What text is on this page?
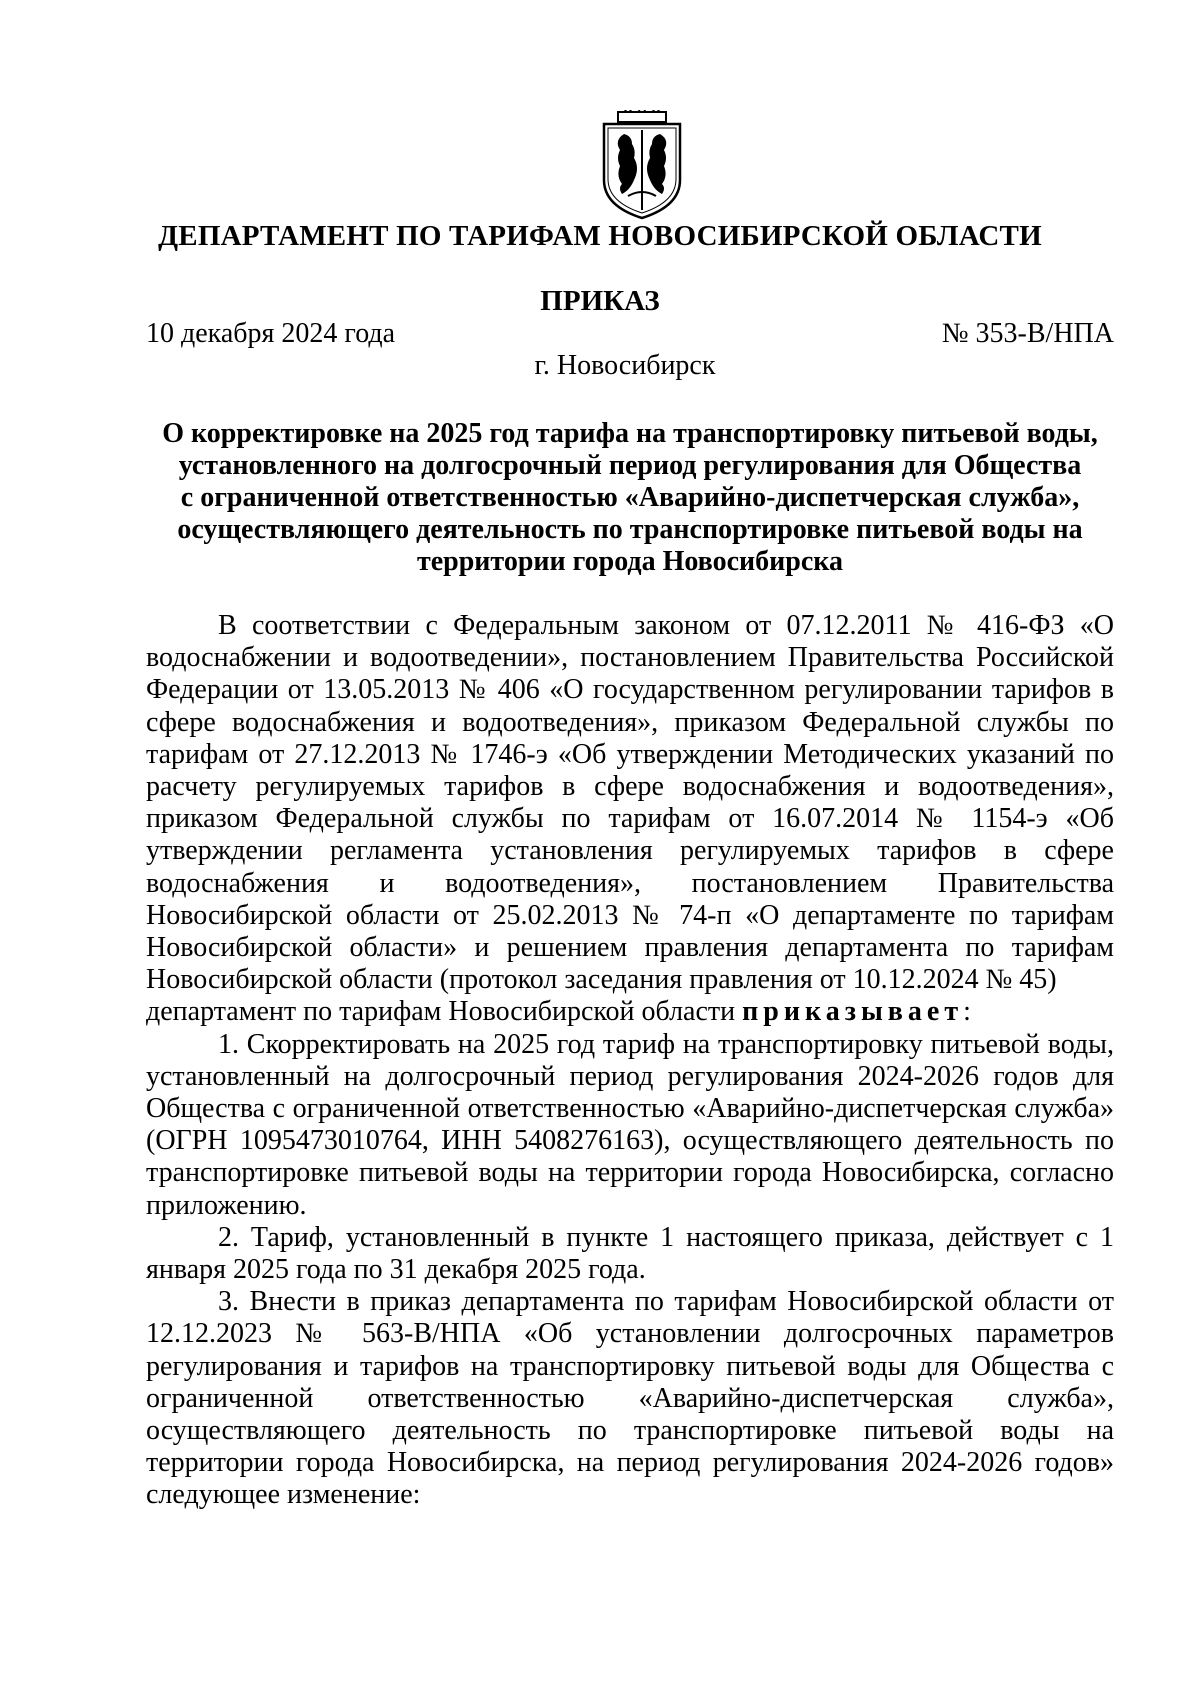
ДЕПАРТАМЕНТ ПО ТАРИФАМ НОВОСИБИРСКОЙ ОБЛАСТИ
ПРИКАЗ
10 декабря 2024 года	№ 353-В/НПА
г. Новосибирск
О корректировке на 2025 год тарифа на транспортировку питьевой воды,
установленного на долгосрочный период регулирования для Общества
с ограниченной ответственностью «Аварийно-диспетчерская служба»,
осуществляющего деятельность по транспортировке питьевой воды на
территории города Новосибирска

В соответствии с Федеральным законом от 07.12.2011 № 416-ФЗ «О водоснабжении и водоотведении», постановлением Правительства Российской Федерации от 13.05.2013 № 406 «О государственном регулировании тарифов в сфере водоснабжения и водоотведения», приказом Федеральной службы по тарифам от 27.12.2013 № 1746-э «Об утверждении Методических указаний по расчету регулируемых тарифов в сфере водоснабжения и водоотведения», приказом Федеральной службы по тарифам от 16.07.2014 № 1154-э «Об утверждении регламента установления регулируемых тарифов в сфере водоснабжения и водоотведения», постановлением Правительства Новосибирской области от 25.02.2013 № 74-п «О департаменте по тарифам Новосибирской области» и решением правления департамента по тарифам Новосибирской области (протокол заседания правления от 10.12.2024 № 45)

департамент по тарифам Новосибирской области приказывает:

1. Скорректировать на 2025 год тариф на транспортировку питьевой воды, установленный на долгосрочный период регулирования 2024-2026 годов для Общества с ограниченной ответственностью «Аварийно-диспетчерская служба» (ОГРН 1095473010764, ИНН 5408276163), осуществляющего деятельность по транспортировке питьевой воды на территории города Новосибирска, согласно приложению.

2. Тариф, установленный в пункте 1 настоящего приказа, действует с 1 января 2025 года по 31 декабря 2025 года.

3. Внести в приказ департамента по тарифам Новосибирской области от 12.12.2023 № 563-В/НПА «Об установлении долгосрочных параметров регулирования и тарифов на транспортировку питьевой воды для Общества с ограниченной ответственностью «Аварийно-диспетчерская служба», осуществляющего деятельность по транспортировке питьевой воды на территории города Новосибирска, на период регулирования 2024-2026 годов» следующее изменение:
